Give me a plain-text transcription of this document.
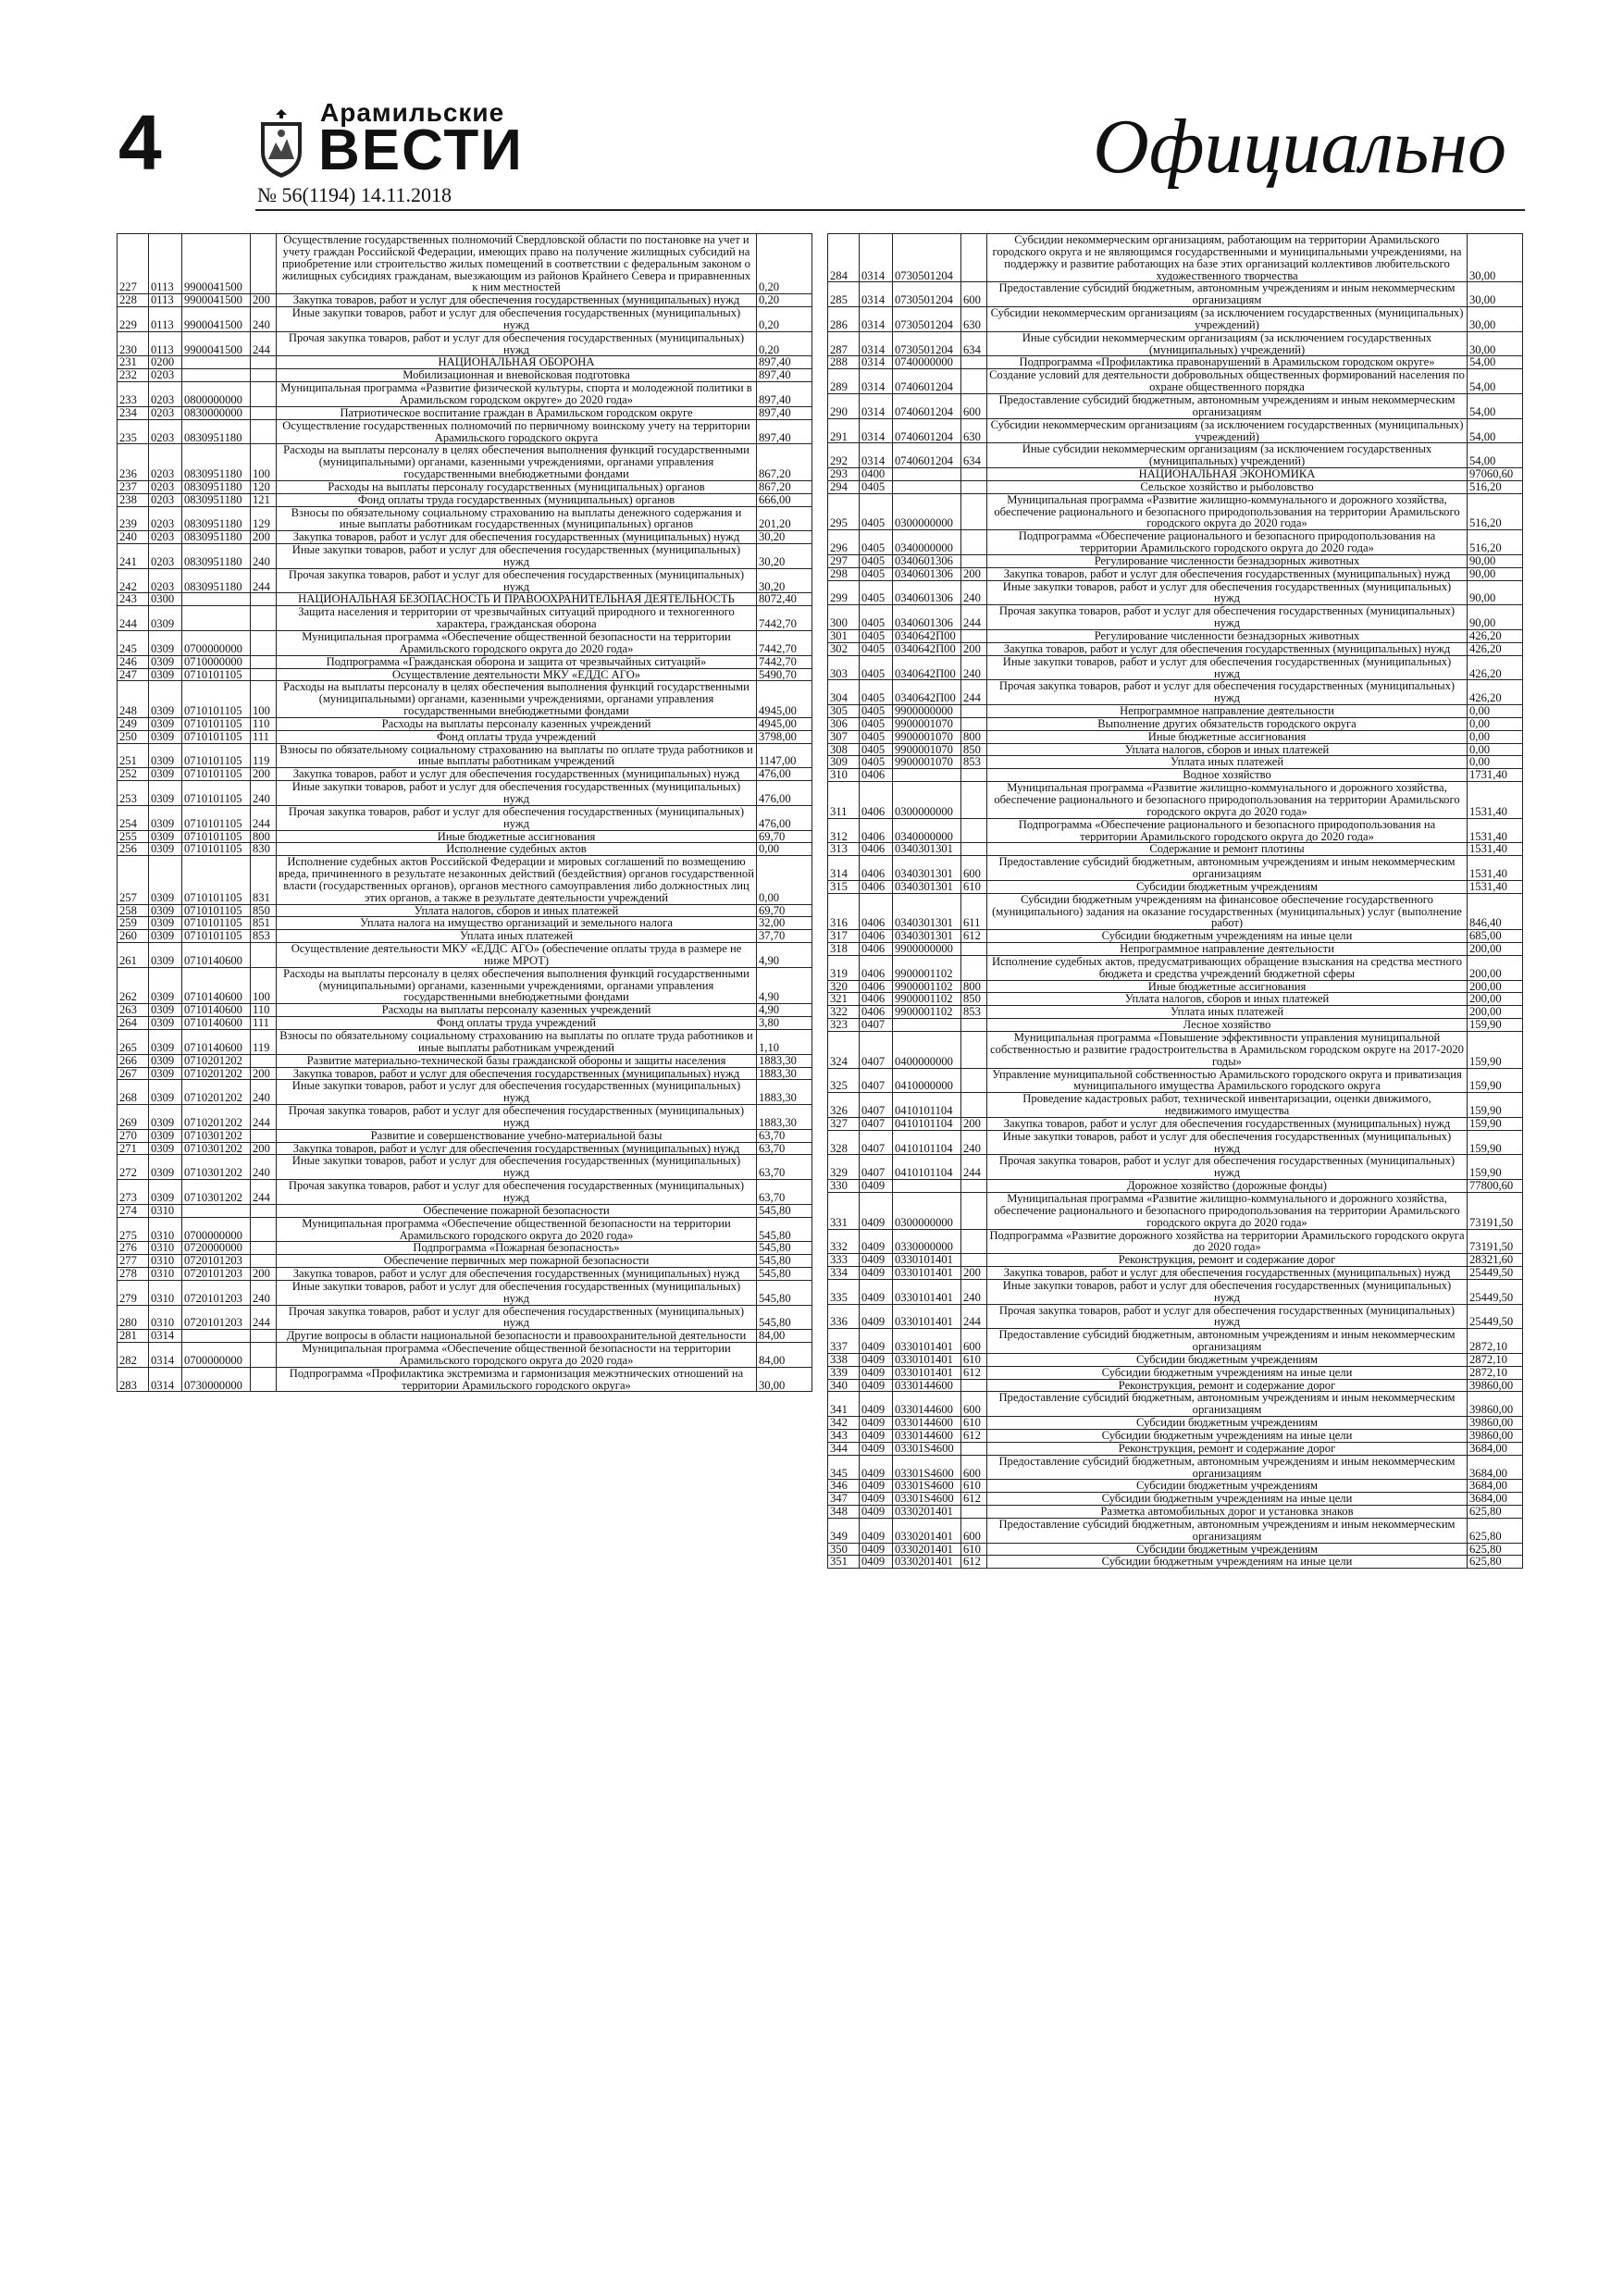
4	Арамильские
ВЕСТИ
№ 56(1194) 14.11.2018
Официально
227	0113	9900041500		Осуществление государственных полномочий Свердловской области по постановке на учет и учету граждан Российской Федерации, имеющих право на получение жилищных субсидий на приобретение или строительство жилых помещений в соответствии с федеральным законом о жилищных субсидиях гражданам, выезжающим из районов Крайнего Севера и приравненных к ним местностей	0,20
228	0113	9900041500	200	Закупка товаров, работ и услуг для обеспечения государственных (муниципальных) нужд	0,20
229	0113	9900041500	240	Иные закупки товаров, работ и услуг для обеспечения государственных (муниципальных) нужд	0,20
230	0113	9900041500	244	Прочая закупка товаров, работ и услуг для обеспечения государственных (муниципальных) нужд	0,20
231	0200			НАЦИОНАЛЬНАЯ ОБОРОНА	897,40
232	0203			Мобилизационная и вневойсковая подготовка	897,40
233	0203	0800000000		Муниципальная программа «Развитие физической культуры, спорта и молодежной политики в Арамильском городском округе» до 2020 года»	897,40
234	0203	0830000000		Патриотическое воспитание граждан в Арамильском городском округе	897,40
235	0203	0830951180		Осуществление государственных полномочий по первичному воинскому учету на территории Арамильского городского округа	897,40
236	0203	0830951180	100	Расходы на выплаты персоналу в целях обеспечения выполнения функций государственными (муниципальными) органами, казенными учреждениями, органами управления государственными внебюджетными фондами	867,20
237	0203	0830951180	120	Расходы на выплаты персоналу государственных (муниципальных) органов	867,20
238	0203	0830951180	121	Фонд оплаты труда государственных (муниципальных) органов	666,00
239	0203	0830951180	129	Взносы по обязательному социальному страхованию на выплаты денежного содержания и иные выплаты работникам государственных (муниципальных) органов	201,20
240	0203	0830951180	200	Закупка товаров, работ и услуг для обеспечения государственных (муниципальных) нужд	30,20
241	0203	0830951180	240	Иные закупки товаров, работ и услуг для обеспечения государственных (муниципальных) нужд	30,20
242	0203	0830951180	244	Прочая закупка товаров, работ и услуг для обеспечения государственных (муниципальных) нужд	30,20
243	0300			НАЦИОНАЛЬНАЯ БЕЗОПАСНОСТЬ И ПРАВООХРАНИТЕЛЬНАЯ ДЕЯТЕЛЬНОСТЬ	8072,40
244	0309			Защита населения и территории от чрезвычайных ситуаций природного и техногенного характера, гражданская оборона	7442,70
245	0309	0700000000		Муниципальная программа «Обеспечение общественной безопасности на территории Арамильского городского округа до 2020 года»	7442,70
246	0309	0710000000		Подпрограмма «Гражданская оборона и защита от чрезвычайных ситуаций»	7442,70
247	0309	0710101105		Осуществление деятельности МКУ «ЕДДС АГО»	5490,70
248	0309	0710101105	100	Расходы на выплаты персоналу в целях обеспечения выполнения функций государственными (муниципальными) органами, казенными учреждениями, органами управления государственными внебюджетными фондами	4945,00
249	0309	0710101105	110	Расходы на выплаты персоналу казенных учреждений	4945,00
250	0309	0710101105	111	Фонд оплаты труда учреждений	3798,00
251	0309	0710101105	119	Взносы по обязательному социальному страхованию на выплаты по оплате труда работников и иные выплаты работникам учреждений	1147,00
252	0309	0710101105	200	Закупка товаров, работ и услуг для обеспечения государственных (муниципальных) нужд	476,00
253	0309	0710101105	240	Иные закупки товаров, работ и услуг для обеспечения государственных (муниципальных) нужд	476,00
254	0309	0710101105	244	Прочая закупка товаров, работ и услуг для обеспечения государственных (муниципальных) нужд	476,00
255	0309	0710101105	800	Иные бюджетные ассигнования	69,70
256	0309	0710101105	830	Исполнение судебных актов	0,00
257	0309	0710101105	831	Исполнение судебных актов Российской Федерации и мировых соглашений по возмещению вреда, причиненного в результате незаконных действий (бездействия) органов государственной власти (государственных органов), органов местного самоуправления либо должностных лиц этих органов, а также в результате деятельности учреждений	0,00
258	0309	0710101105	850	Уплата налогов, сборов и иных платежей	69,70
259	0309	0710101105	851	Уплата налога на имущество организаций и земельного налога	32,00
260	0309	0710101105	853	Уплата иных платежей	37,70
261	0309	0710140600		Осуществление деятельности МКУ «ЕДДС АГО» (обеспечение оплаты труда в размере не ниже МРОТ)	4,90
262	0309	0710140600	100	Расходы на выплаты персоналу в целях обеспечения выполнения функций государственными (муниципальными) органами, казенными учреждениями, органами управления государственными внебюджетными фондами	4,90
263	0309	0710140600	110	Расходы на выплаты персоналу казенных учреждений	4,90
264	0309	0710140600	111	Фонд оплаты труда учреждений	3,80
265	0309	0710140600	119	Взносы по обязательному социальному страхованию на выплаты по оплате труда работников и иные выплаты работникам учреждений	1,10
266	0309	0710201202		Развитие материально-технической базы гражданской обороны и защиты населения	1883,30
267	0309	0710201202	200	Закупка товаров, работ и услуг для обеспечения государственных (муниципальных) нужд	1883,30
268	0309	0710201202	240	Иные закупки товаров, работ и услуг для обеспечения государственных (муниципальных) нужд	1883,30
269	0309	0710201202	244	Прочая закупка товаров, работ и услуг для обеспечения государственных (муниципальных) нужд	1883,30
270	0309	0710301202		Развитие и совершенствование учебно-материальной базы	63,70
271	0309	0710301202	200	Закупка товаров, работ и услуг для обеспечения государственных (муниципальных) нужд	63,70
272	0309	0710301202	240	Иные закупки товаров, работ и услуг для обеспечения государственных (муниципальных) нужд	63,70
273	0309	0710301202	244	Прочая закупка товаров, работ и услуг для обеспечения государственных (муниципальных) нужд	63,70
274	0310			Обеспечение пожарной безопасности	545,80
275	0310	0700000000		Муниципальная программа «Обеспечение общественной безопасности на территории Арамильского городского округа до 2020 года»	545,80
276	0310	0720000000		Подпрограмма «Пожарная безопасность»	545,80
277	0310	0720101203		Обеспечение первичных мер пожарной безопасности	545,80
278	0310	0720101203	200	Закупка товаров, работ и услуг для обеспечения государственных (муниципальных) нужд	545,80
279	0310	0720101203	240	Иные закупки товаров, работ и услуг для обеспечения государственных (муниципальных) нужд	545,80
280	0310	0720101203	244	Прочая закупка товаров, работ и услуг для обеспечения государственных (муниципальных) нужд	545,80
281	0314			Другие вопросы в области национальной безопасности и правоохранительной деятельности	84,00
282	0314	0700000000		Муниципальная программа «Обеспечение общественной безопасности на территории Арамильского городского округа до 2020 года»	84,00
283	0314	0730000000		Подпрограмма «Профилактика экстремизма и гармонизация межэтнических отношений на территории Арамильского городского округа»	30,00
284	0314	0730501204		Субсидии некоммерческим организациям, работающим на территории Арамильского городского округа и не являющимся государственными и муниципальными учреждениями, на поддержку и развитие работающих на базе этих организаций коллективов любительского художественного творчества	30,00
285	0314	0730501204	600	Предоставление субсидий бюджетным, автономным учреждениям и иным некоммерческим организациям	30,00
286	0314	0730501204	630	Субсидии некоммерческим организациям (за исключением государственных (муниципальных) учреждений)	30,00
287	0314	0730501204	634	Иные субсидии некоммерческим организациям (за исключением государственных (муниципальных) учреждений)	30,00
288	0314	0740000000		Подпрограмма «Профилактика правонарушений в Арамильском городском округе»	54,00
289	0314	0740601204		Создание условий для деятельности добровольных общественных формирований населения по охране общественного порядка	54,00
290	0314	0740601204	600	Предоставление субсидий бюджетным, автономным учреждениям и иным некоммерческим организациям	54,00
291	0314	0740601204	630	Субсидии некоммерческим организациям (за исключением государственных (муниципальных) учреждений)	54,00
292	0314	0740601204	634	Иные субсидии некоммерческим организациям (за исключением государственных (муниципальных) учреждений)	54,00
293	0400			НАЦИОНАЛЬНАЯ ЭКОНОМИКА	97060,60
294	0405			Сельское хозяйство и рыболовство	516,20
295	0405	0300000000		Муниципальная программа «Развитие жилищно-коммунального и дорожного хозяйства, обеспечение рационального и безопасного природопользования на территории Арамильского городского округа до 2020 года»	516,20
296	0405	0340000000		Подпрограмма «Обеспечение рационального и безопасного природопользования на территории Арамильского городского округа до 2020 года»	516,20
297	0405	0340601306		Регулирование численности безнадзорных животных	90,00
298	0405	0340601306	200	Закупка товаров, работ и услуг для обеспечения государственных (муниципальных) нужд	90,00
299	0405	0340601306	240	Иные закупки товаров, работ и услуг для обеспечения государственных (муниципальных) нужд	90,00
300	0405	0340601306	244	Прочая закупка товаров, работ и услуг для обеспечения государственных (муниципальных) нужд	90,00
301	0405	0340642П00		Регулирование численности безнадзорных животных	426,20
302	0405	0340642П00	200	Закупка товаров, работ и услуг для обеспечения государственных (муниципальных) нужд	426,20
303	0405	0340642П00	240	Иные закупки товаров, работ и услуг для обеспечения государственных (муниципальных) нужд	426,20
304	0405	0340642П00	244	Прочая закупка товаров, работ и услуг для обеспечения государственных (муниципальных) нужд	426,20
305	0405	9900000000		Непрограммное направление деятельности	0,00
306	0405	9900001070		Выполнение других обязательств городского округа	0,00
307	0405	9900001070	800	Иные бюджетные ассигнования	0,00
308	0405	9900001070	850	Уплата налогов, сборов и иных платежей	0,00
309	0405	9900001070	853	Уплата иных платежей	0,00
310	0406			Водное хозяйство	1731,40
311	0406	0300000000		Муниципальная программа «Развитие жилищно-коммунального и дорожного хозяйства, обеспечение рационального и безопасного природопользования на территории Арамильского городского округа до 2020 года»	1531,40
312	0406	0340000000		Подпрограмма «Обеспечение рационального и безопасного природопользования на территории Арамильского городского округа до 2020 года»	1531,40
313	0406	0340301301		Содержание и ремонт плотины	1531,40
314	0406	0340301301	600	Предоставление субсидий бюджетным, автономным учреждениям и иным некоммерческим организациям	1531,40
315	0406	0340301301	610	Субсидии бюджетным учреждениям	1531,40
316	0406	0340301301	611	Субсидии бюджетным учреждениям на финансовое обеспечение государственного (муниципального) задания на оказание государственных (муниципальных) услуг (выполнение работ)	846,40
317	0406	0340301301	612	Субсидии бюджетным учреждениям на иные цели	685,00
318	0406	9900000000		Непрограммное направление деятельности	200,00
319	0406	9900001102		Исполнение судебных актов, предусматривающих обращение взыскания на средства местного бюджета и средства учреждений бюджетной сферы	200,00
320	0406	9900001102	800	Иные бюджетные ассигнования	200,00
321	0406	9900001102	850	Уплата налогов, сборов и иных платежей	200,00
322	0406	9900001102	853	Уплата иных платежей	200,00
323	0407			Лесное хозяйство	159,90
324	0407	0400000000		Муниципальная программа «Повышение эффективности управления муниципальной собственностью и развитие градостроительства в Арамильском городском округе на 2017-2020 годы»	159,90
325	0407	0410000000		Управление муниципальной собственностью Арамильского городского округа и приватизация муниципального имущества Арамильского городского округа	159,90
326	0407	0410101104		Проведение кадастровых работ, технической инвентаризации, оценки движимого, недвижимого имущества	159,90
327	0407	0410101104	200	Закупка товаров, работ и услуг для обеспечения государственных (муниципальных) нужд	159,90
328	0407	0410101104	240	Иные закупки товаров, работ и услуг для обеспечения государственных (муниципальных) нужд	159,90
329	0407	0410101104	244	Прочая закупка товаров, работ и услуг для обеспечения государственных (муниципальных) нужд	159,90
330	0409			Дорожное хозяйство (дорожные фонды)	77800,60
331	0409	0300000000		Муниципальная программа «Развитие жилищно-коммунального и дорожного хозяйства, обеспечение рационального и безопасного природопользования на территории Арамильского городского округа до 2020 года»	73191,50
332	0409	0330000000		Подпрограмма «Развитие дорожного хозяйства на территории Арамильского городского округа до 2020 года»	73191,50
333	0409	0330101401		Реконструкция, ремонт и содержание дорог	28321,60
334	0409	0330101401	200	Закупка товаров, работ и услуг для обеспечения государственных (муниципальных) нужд	25449,50
335	0409	0330101401	240	Иные закупки товаров, работ и услуг для обеспечения государственных (муниципальных) нужд	25449,50
336	0409	0330101401	244	Прочая закупка товаров, работ и услуг для обеспечения государственных (муниципальных) нужд	25449,50
337	0409	0330101401	600	Предоставление субсидий бюджетным, автономным учреждениям и иным некоммерческим организациям	2872,10
338	0409	0330101401	610	Субсидии бюджетным учреждениям	2872,10
339	0409	0330101401	612	Субсидии бюджетным учреждениям на иные цели	2872,10
340	0409	0330144600		Реконструкция, ремонт и содержание дорог	39860,00
341	0409	0330144600	600	Предоставление субсидий бюджетным, автономным учреждениям и иным некоммерческим организациям	39860,00
342	0409	0330144600	610	Субсидии бюджетным учреждениям	39860,00
343	0409	0330144600	612	Субсидии бюджетным учреждениям на иные цели	39860,00
344	0409	03301S4600		Реконструкция, ремонт и содержание дорог	3684,00
345	0409	03301S4600	600	Предоставление субсидий бюджетным, автономным учреждениям и иным некоммерческим организациям	3684,00
346	0409	03301S4600	610	Субсидии бюджетным учреждениям	3684,00
347	0409	03301S4600	612	Субсидии бюджетным учреждениям на иные цели	3684,00
348	0409	0330201401		Разметка автомобильных дорог и установка знаков	625,80
349	0409	0330201401	600	Предоставление субсидий бюджетным, автономным учреждениям и иным некоммерческим организациям	625,80
350	0409	0330201401	610	Субсидии бюджетным учреждениям	625,80
351	0409	0330201401	612	Субсидии бюджетным учреждениям на иные цели	625,80
